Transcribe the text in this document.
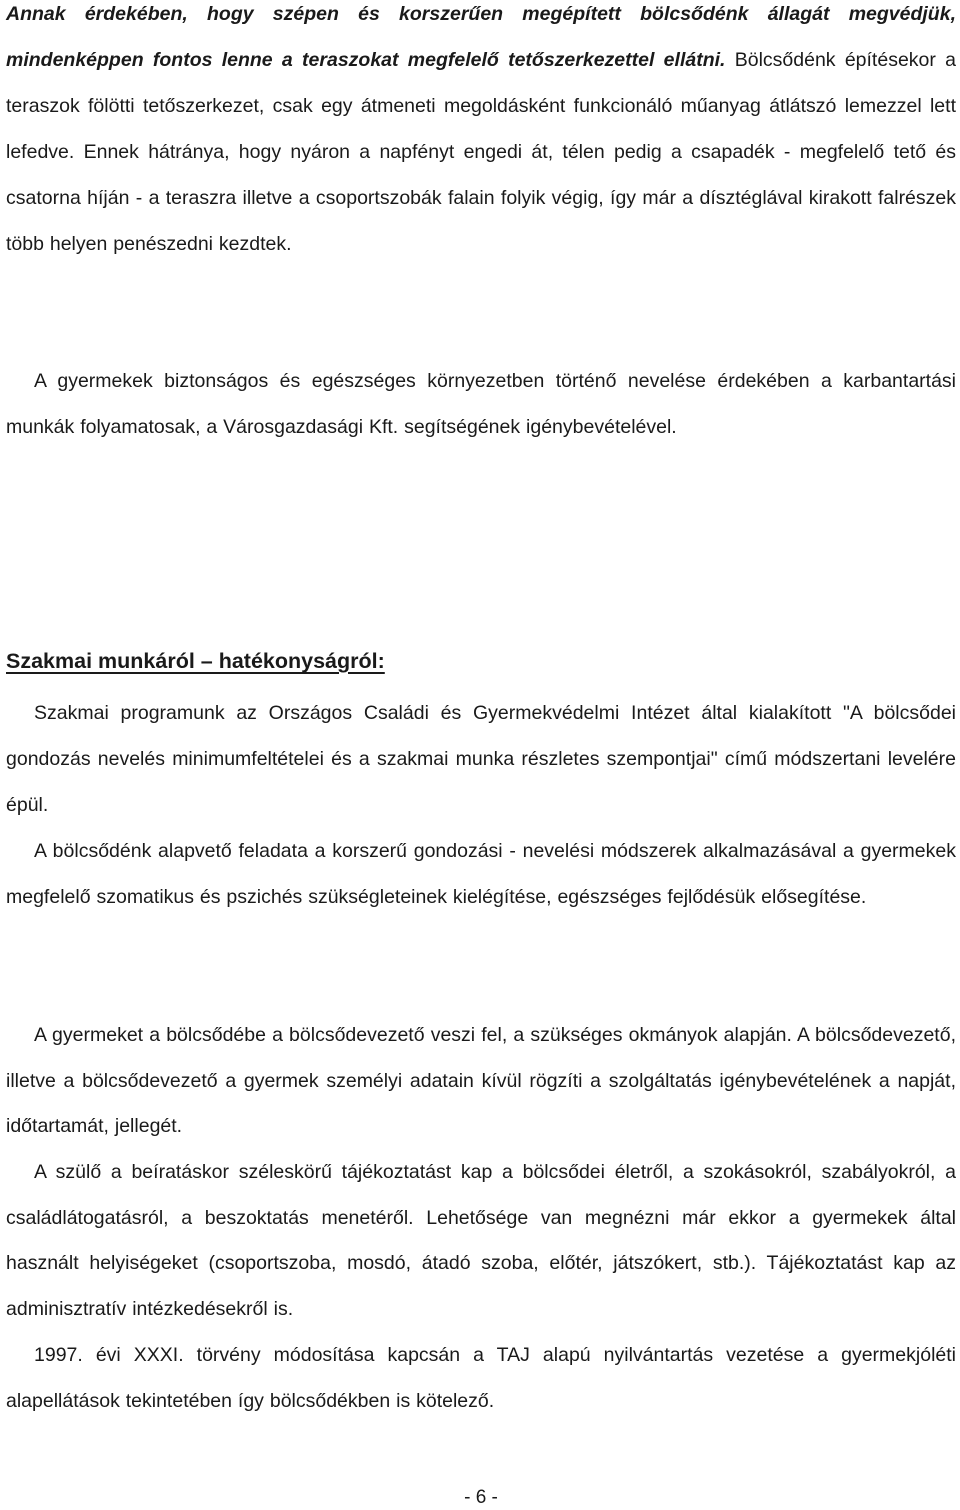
Annak érdekében, hogy szépen és korszerűen megépített bölcsődénk állagát megvédjük, mindenképpen fontos lenne a teraszokat megfelelő tetőszerkezettel ellátni. Bölcsődénk építésekor a teraszok fölötti tetőszerkezet, csak egy átmeneti megoldásként funkcionáló műanyag átlátszó lemezzel lett lefedve. Ennek hátránya, hogy nyáron a napfényt engedi át, télen pedig a csapadék - megfelelő tető és csatorna híján - a teraszra illetve a csoportszobák falain folyik végig, így már a dísztéglával kirakott falrészek több helyen penészedni kezdtek.

A gyermekek biztonságos és egészséges környezetben történő nevelése érdekében a karbantartási munkák folyamatosak, a Városgazdasági Kft. segítségének igénybevételével.

Szakmai munkáról – hatékonyságról:

Szakmai programunk az Országos Családi és Gyermekvédelmi Intézet által kialakított "A bölcsődei gondozás nevelés minimumfeltételei és a szakmai munka részletes szempontjai" című módszertani levelére épül.

A bölcsődénk alapvető feladata a korszerű gondozási - nevelési módszerek alkalmazásával a gyermekek megfelelő szomatikus és pszichés szükségleteinek kielégítése, egészséges fejlődésük elősegítése.

A gyermeket a bölcsődébe a bölcsődevezető veszi fel, a szükséges okmányok alapján. A bölcsődevezető, illetve a bölcsődevezető a gyermek személyi adatain kívül rögzíti a szolgáltatás igénybevételének a napját, időtartamát, jellegét.

A szülő a beíratáskor széleskörű tájékoztatást kap a bölcsődei életről, a szokásokról, szabályokról, a családlátogatásról, a beszoktatás menetéről. Lehetősége van megnézni már ekkor a gyermekek által használt helyiségeket (csoportszoba, mosdó, átadó szoba, előtér, játszókert, stb.). Tájékoztatást kap az adminisztratív intézkedésekről is.

1997. évi XXXI. törvény módosítása kapcsán a TAJ alapú nyilvántartás vezetése a gyermekjóléti alapellátások tekintetében így bölcsődékben is kötelező.

- 6 -
